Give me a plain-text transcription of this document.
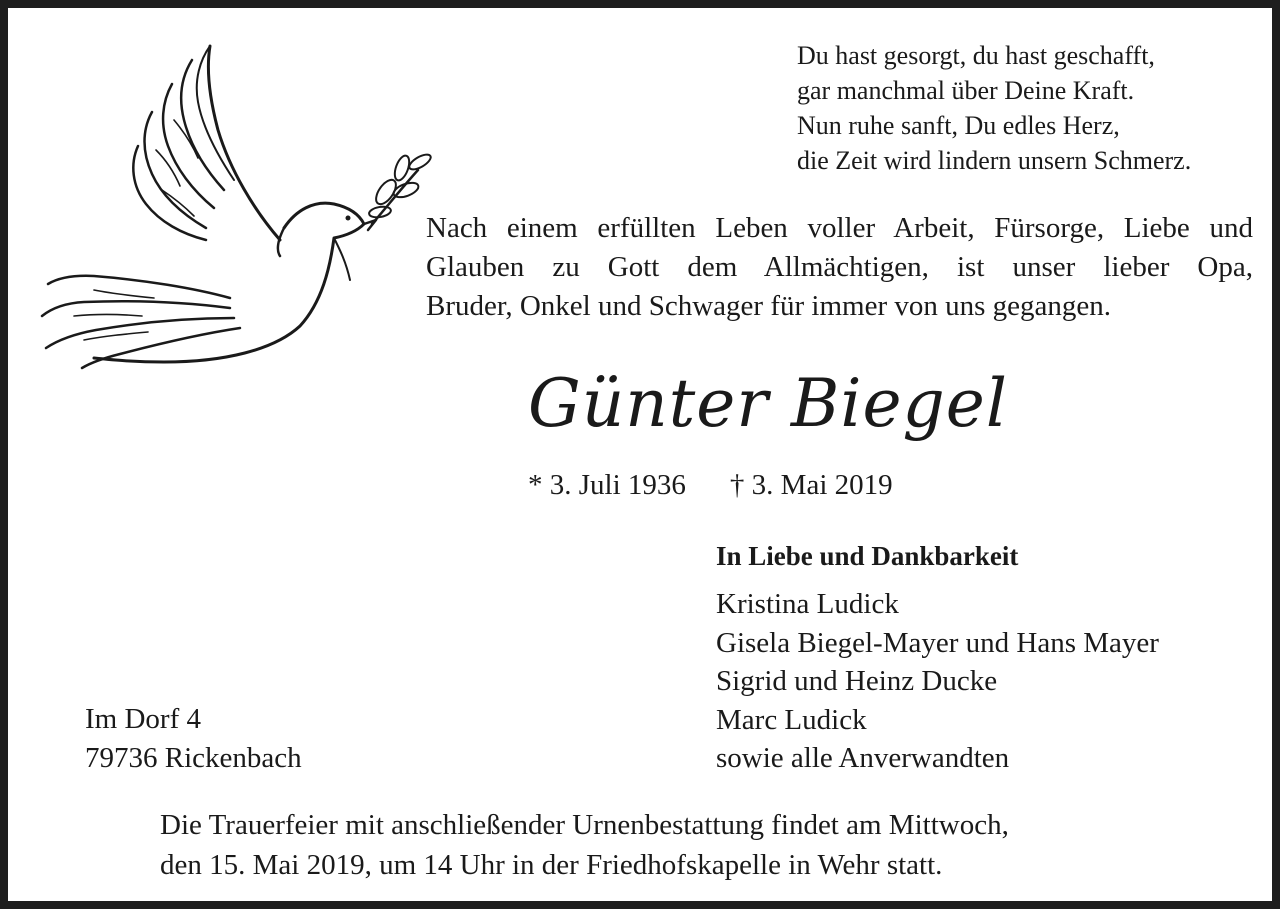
Du hast gesorgt, du hast geschafft,
gar manchmal über Deine Kraft.
Nun ruhe sanft, Du edles Herz,
die Zeit wird lindern unsern Schmerz.
Nach einem erfüllten Leben voller Arbeit, Fürsorge, Liebe und
Glauben zu Gott dem Allmächtigen, ist unser lieber Opa,
Bruder, Onkel und Schwager für immer von uns gegangen.
Günter Biegel
* 3. Juli 1936 † 3. Mai 2019
In Liebe und Dankbarkeit
Kristina Ludick
Gisela Biegel-Mayer und Hans Mayer
Sigrid und Heinz Ducke
Marc Ludick
sowie alle Anverwandten
Im Dorf 4
79736 Rickenbach
Die Trauerfeier mit anschließender Urnenbestattung findet am Mittwoch,
den 15. Mai 2019, um 14 Uhr in der Friedhofskapelle in Wehr statt.
